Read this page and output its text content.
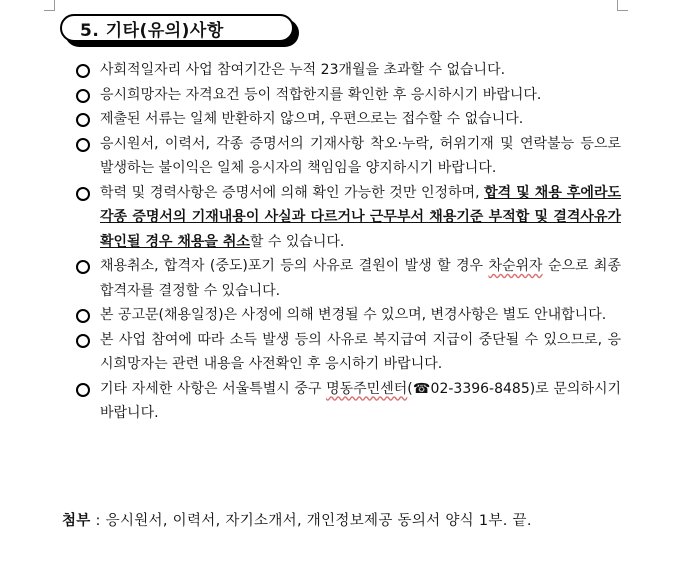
5. 기타(유의)사항
사회적일자리 사업 참여기간은 누적 23개월을 초과할 수 없습니다.
응시희망자는 자격요건 등이 적합한지를 확인한 후 응시하시기 바랍니다.
제출된 서류는 일체 반환하지 않으며, 우편으로는 접수할 수 없습니다.
응시원서, 이력서, 각종 증명서의 기재사항 착오·누락, 허위기재 및 연락불능 등으로 발생하는 불이익은 일체 응시자의 책임임을 양지하시기 바랍니다.
학력 및 경력사항은 증명서에 의해 확인 가능한 것만 인정하며, 합격 및 채용 후에라도 각종 증명서의 기재내용이 사실과 다르거나 근무부서 채용기준 부적합 및 결격사유가 확인될 경우 채용을 취소할 수 있습니다.
채용취소, 합격자 (중도)포기 등의 사유로 결원이 발생 할 경우 차순위자 순으로 최종합격자를 결정할 수 있습니다.
본 공고문(채용일정)은 사정에 의해 변경될 수 있으며, 변경사항은 별도 안내합니다.
본 사업 참여에 따라 소득 발생 등의 사유로 복지급여 지급이 중단될 수 있으므로, 응시희망자는 관련 내용을 사전확인 후 응시하기 바랍니다.
기타 자세한 사항은 서울특별시 중구 명동주민센터(☎02-3396-8485)로 문의하시기 바랍니다.
첨부 : 응시원서, 이력서, 자기소개서, 개인정보제공 동의서 양식 1부. 끝.
